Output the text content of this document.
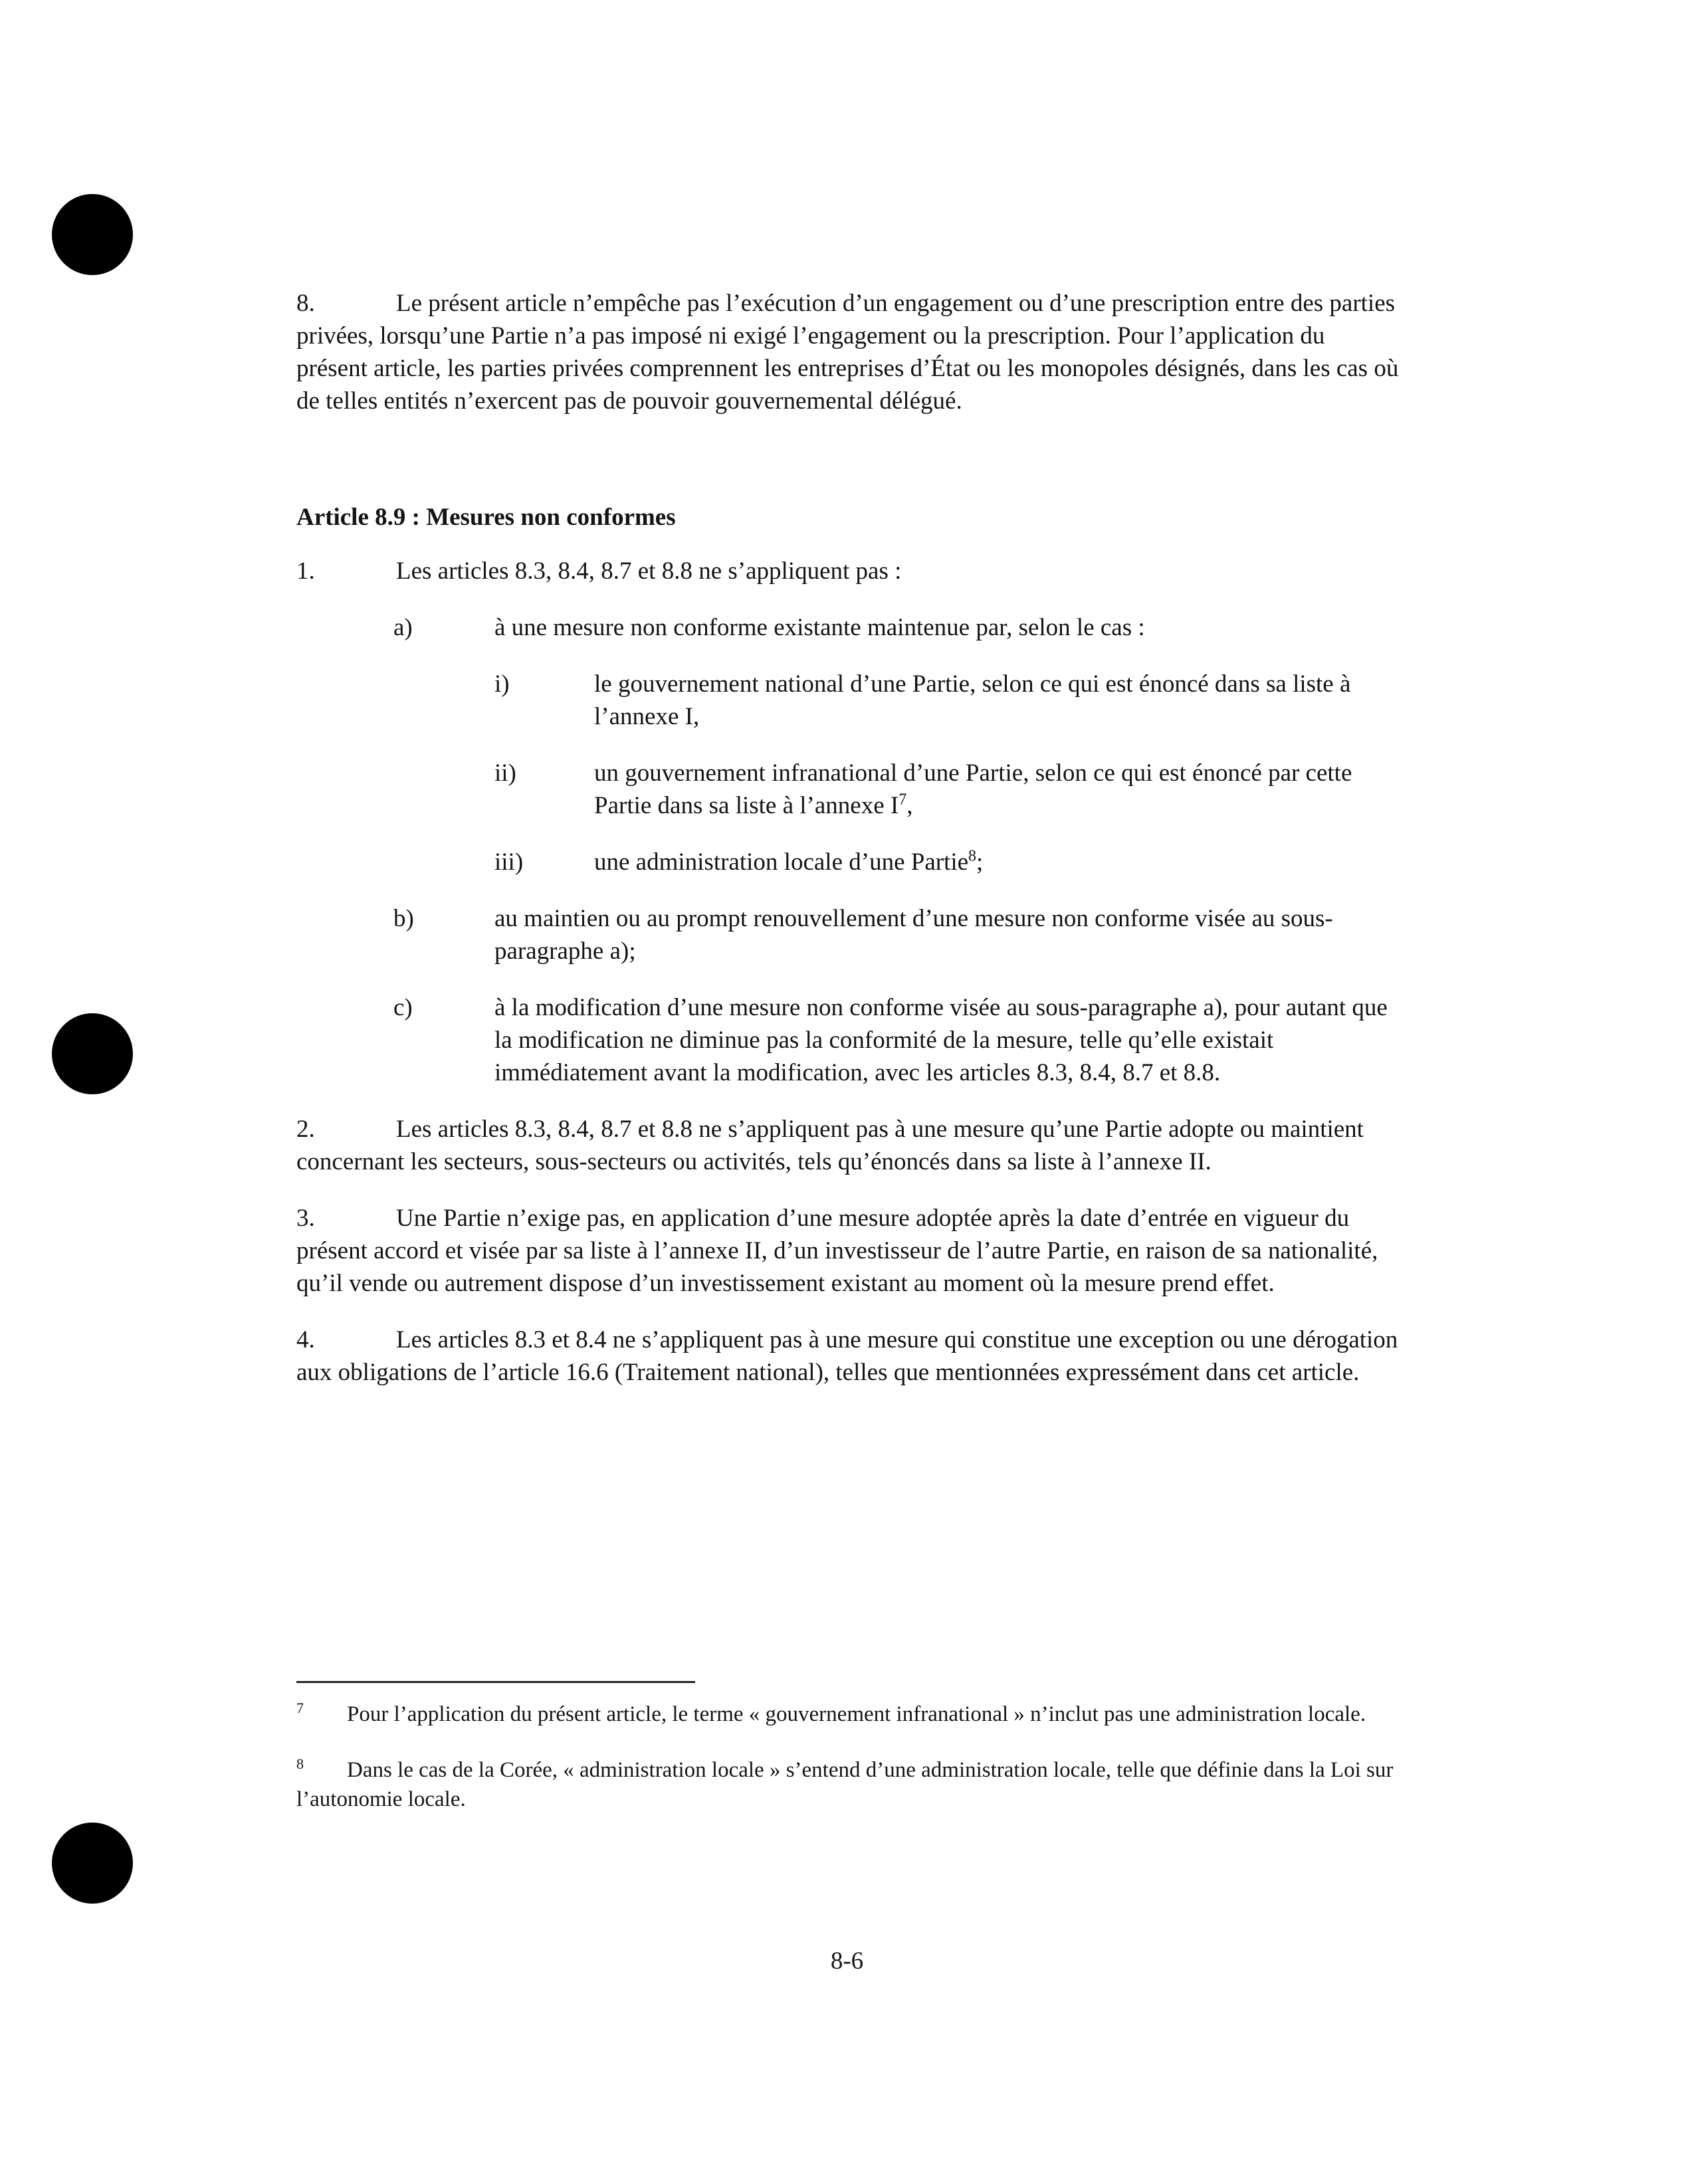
8.	Le présent article n’empêche pas l’exécution d’un engagement ou d’une prescription entre des parties privées, lorsqu’une Partie n’a pas imposé ni exigé l’engagement ou la prescription. Pour l’application du présent article, les parties privées comprennent les entreprises d’État ou les monopoles désignés, dans les cas où de telles entités n’exercent pas de pouvoir gouvernemental délégué.

Article 8.9 : Mesures non conformes

1.	Les articles 8.3, 8.4, 8.7 et 8.8 ne s’appliquent pas :

a)	à une mesure non conforme existante maintenue par, selon le cas :
i)	le gouvernement national d’une Partie, selon ce qui est énoncé dans sa liste à l’annexe I,
ii)	un gouvernement infranational d’une Partie, selon ce qui est énoncé par cette Partie dans sa liste à l’annexe $I^7$,
iii)	une administration locale d’une Partie$^8$;
b)	au maintien ou au prompt renouvellement d’une mesure non conforme visée au sous-paragraphe a);
c)	à la modification d’une mesure non conforme visée au sous-paragraphe a), pour autant que la modification ne diminue pas la conformité de la mesure, telle qu’elle existait immédiatement avant la modification, avec les articles 8.3, 8.4, 8.7 et 8.8.

2.	Les articles 8.3, 8.4, 8.7 et 8.8 ne s’appliquent pas à une mesure qu’une Partie adopte ou maintient concernant les secteurs, sous-secteurs ou activités, tels qu’énoncés dans sa liste à l’annexe II.

3.	Une Partie n’exige pas, en application d’une mesure adoptée après la date d’entrée en vigueur du présent accord et visée par sa liste à l’annexe II, d’un investisseur de l’autre Partie, en raison de sa nationalité, qu’il vende ou autrement dispose d’un investissement existant au moment où la mesure prend effet.

4.	Les articles 8.3 et 8.4 ne s’appliquent pas à une mesure qui constitue une exception ou une dérogation aux obligations de l’article 16.6 (Traitement national), telles que mentionnées expressément dans cet article.

7 Pour l’application du présent article, le terme « gouvernement infranational » n’inclut pas une administration locale.

8 Dans le cas de la Corée, « administration locale » s’entend d’une administration locale, telle que définie dans la Loi sur l’autonomie locale.

8-6
